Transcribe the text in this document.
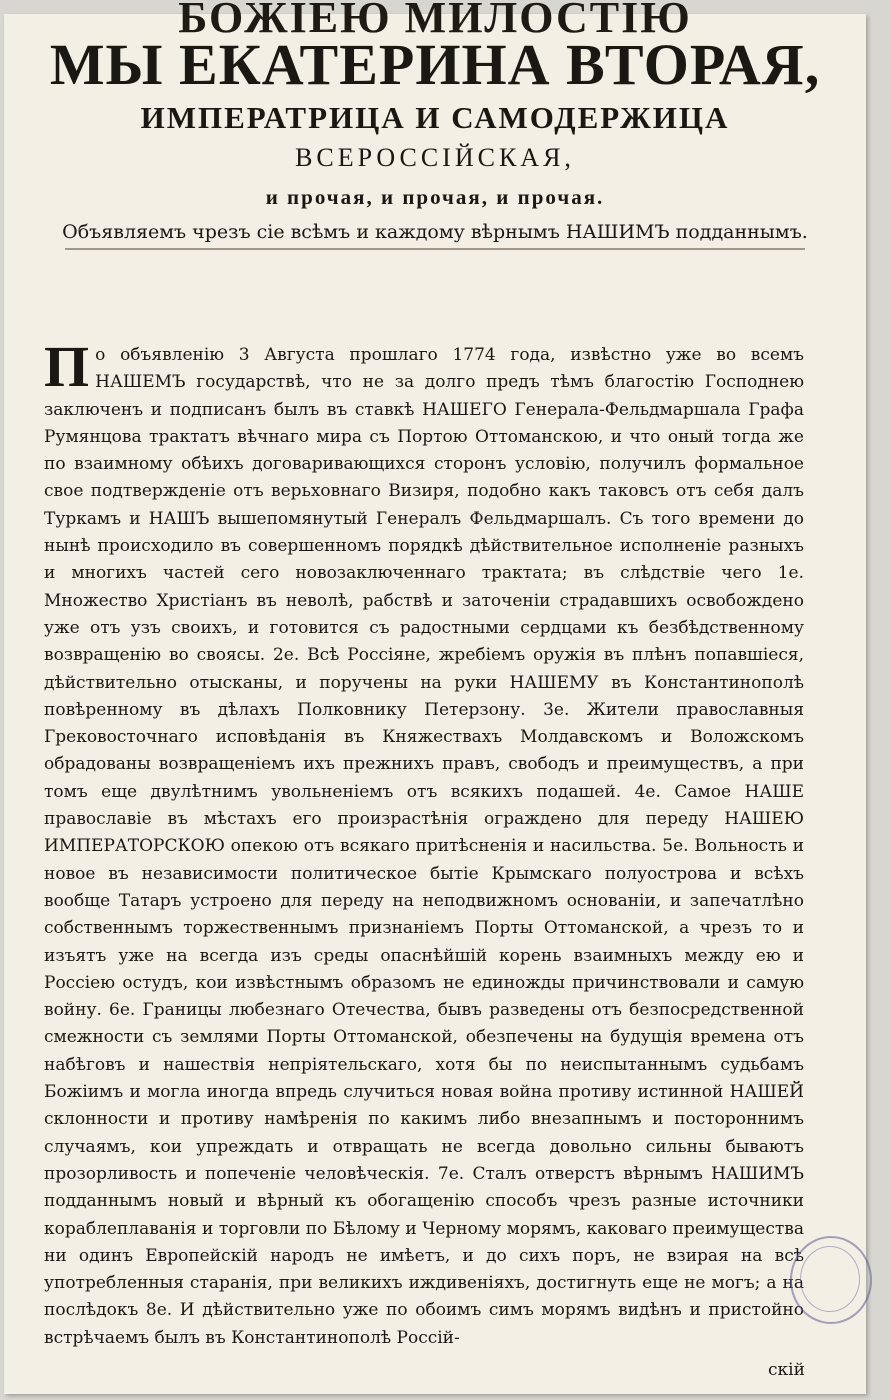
БОЖІЕЮ МИЛОСТІЮ
МЫ ЕКАТЕРИНА ВТОРАЯ,
ИМПЕРАТРИЦА И САМОДЕРЖИЦА
ВСЕРОССІЙСКАЯ,
и прочая, и прочая, и прочая.
Объявляемъ чрезъ сіе всѣмъ и каждому вѣрнымъ НАШИМЪ подданнымъ.
П о объявленію 3 Августа прошлаго 1774 года, извѣстно уже во всемъ НАШЕМЪ государствѣ, что не за долго предъ тѣмъ благостію Господнею заключенъ и подписанъ былъ въ ставкѣ НАШЕГО Генерала-Фельдмаршала Графа Румянцова трактатъ вѣчнаго мира съ Портою Оттоманскою, и что оный тогда же по взаимному обѣихъ договаривающихся сторонъ условію, получилъ формальное свое подтвержденіе отъ верьховнаго Визиря, подобно какъ таковсъ отъ себя далъ Туркамъ и НАШЪ вышепомянутый Генералъ Фельдмаршалъ. Съ того времени до нынѣ происходило въ совершенномъ порядкѣ дѣйствительное исполненіе разныхъ и многихъ частей сего новозаключеннаго трактата; въ слѣдствіе чего 1е. Множество Христіанъ въ неволѣ, рабствѣ и заточеніи страдавшихъ освобождено уже отъ узъ своихъ, и готовится съ радостными сердцами къ безбѣдственному возвращенію во своясы. 2е. Всѣ Россіяне, жребіемъ оружія въ плѣнъ попавшіеся, дѣйствительно отысканы, и поручены на руки НАШЕМУ въ Константинополѣ повѣренному въ дѣлахъ Полковнику Петерзону. 3е. Жители православныя Грековосточнаго исповѣданія въ Княжествахъ Молдавскомъ и Воложскомъ обрадованы возвращеніемъ ихъ прежнихъ правъ, свободъ и преимуществъ, а при томъ еще двулѣтнимъ увольненіемъ отъ всякихъ подашей. 4е. Самое НАШЕ православіе въ мѣстахъ его произрастѣнія ограждено для переду НАШЕЮ ИМПЕРАТОРСКОЮ опекою отъ всякаго притѣсненія и насильства. 5е. Вольность и новое въ независимости политическое бытіе Крымскаго полуострова и всѣхъ вообще Татаръ устроено для переду на неподвижномъ основаніи, и запечатлѣно собственнымъ торжественнымъ признаніемъ Порты Оттоманской, а чрезъ то и изъятъ уже на всегда изъ среды опаснѣйшій корень взаимныхъ между ею и Россіею остудъ, кои извѣстнымъ образомъ не единожды причинствовали и самую войну. 6е. Границы любезнаго Отечества, бывъ разведены отъ безпосредственной смежности съ землями Порты Оттоманской, обезпечены на будущія времена отъ набѣговъ и нашествія непріятельскаго, хотя бы по неиспытаннымъ судьбамъ Божіимъ и могла иногда впредь случиться новая война противу истинной НАШЕЙ склонности и противу намѣренія по какимъ либо внезапнымъ и постороннимъ случаямъ, кои упреждать и отвращать не всегда довольно сильны бываютъ прозорливость и попеченіе человѣческія. 7е. Сталъ отверстъ вѣрнымъ НАШИМЪ подданнымъ новый и вѣрный къ обогащенію способъ чрезъ разные источники кораблеплаванія и торговли по Бѣлому и Черному морямъ, каковаго преимущества ни одинъ Европейскій народъ не имѣетъ, и до сихъ поръ, не взирая на всѣ употребленныя старанія, при великихъ иждивеніяхъ, достигнуть еще не могъ; а на послѣдокъ 8е. И дѣйствительно уже по обоимъ симъ морямъ видѣнъ и пристойно встрѣчаемъ былъ въ Константинополѣ Россій-
скій
